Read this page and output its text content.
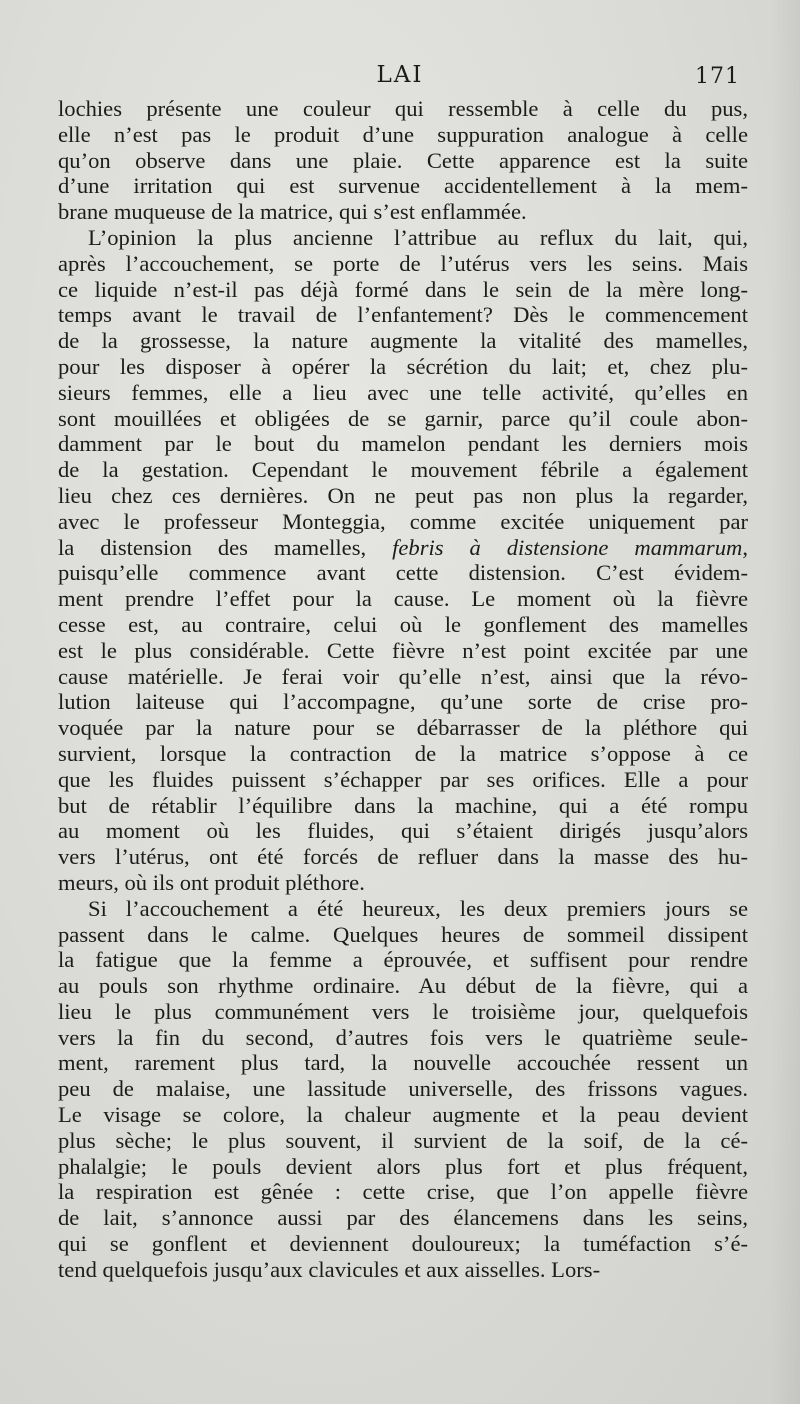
LAI	171
lochies présente une couleur qui ressemble à celle du pus,
elle n’est pas le produit d’une suppuration analogue à celle
qu’on observe dans une plaie. Cette apparence est la suite
d’une irritation qui est survenue accidentellement à la mem-
brane muqueuse de la matrice, qui s’est enflammée.
L’opinion la plus ancienne l’attribue au reflux du lait, qui,
après l’accouchement, se porte de l’utérus vers les seins. Mais
ce liquide n’est-il pas déjà formé dans le sein de la mère long-
temps avant le travail de l’enfantement? Dès le commencement
de la grossesse, la nature augmente la vitalité des mamelles,
pour les disposer à opérer la sécrétion du lait; et, chez plu-
sieurs femmes, elle a lieu avec une telle activité, qu’elles en
sont mouillées et obligées de se garnir, parce qu’il coule abon-
damment par le bout du mamelon pendant les derniers mois
de la gestation. Cependant le mouvement fébrile a également
lieu chez ces dernières. On ne peut pas non plus la regarder,
avec le professeur Monteggia, comme excitée uniquement par
la distension des mamelles, febris à distensione mammarum,
puisqu’elle commence avant cette distension. C’est évidem-
ment prendre l’effet pour la cause. Le moment où la fièvre
cesse est, au contraire, celui où le gonflement des mamelles
est le plus considérable. Cette fièvre n’est point excitée par une
cause matérielle. Je ferai voir qu’elle n’est, ainsi que la révo-
lution laiteuse qui l’accompagne, qu’une sorte de crise pro-
voquée par la nature pour se débarrasser de la pléthore qui
survient, lorsque la contraction de la matrice s’oppose à ce
que les fluides puissent s’échapper par ses orifices. Elle a pour
but de rétablir l’équilibre dans la machine, qui a été rompu
au moment où les fluides, qui s’étaient dirigés jusqu’alors
vers l’utérus, ont été forcés de refluer dans la masse des hu-
meurs, où ils ont produit pléthore.
Si l’accouchement a été heureux, les deux premiers jours se
passent dans le calme. Quelques heures de sommeil dissipent
la fatigue que la femme a éprouvée, et suffisent pour rendre
au pouls son rhythme ordinaire. Au début de la fièvre, qui a
lieu le plus communément vers le troisième jour, quelquefois
vers la fin du second, d’autres fois vers le quatrième seule-
ment, rarement plus tard, la nouvelle accouchée ressent un
peu de malaise, une lassitude universelle, des frissons vagues.
Le visage se colore, la chaleur augmente et la peau devient
plus sèche; le plus souvent, il survient de la soif, de la cé-
phalalgie; le pouls devient alors plus fort et plus fréquent,
la respiration est gênée : cette crise, que l’on appelle fièvre
de lait, s’annonce aussi par des élancemens dans les seins,
qui se gonflent et deviennent douloureux; la tuméfaction s’é-
tend quelquefois jusqu’aux clavicules et aux aisselles. Lors-
